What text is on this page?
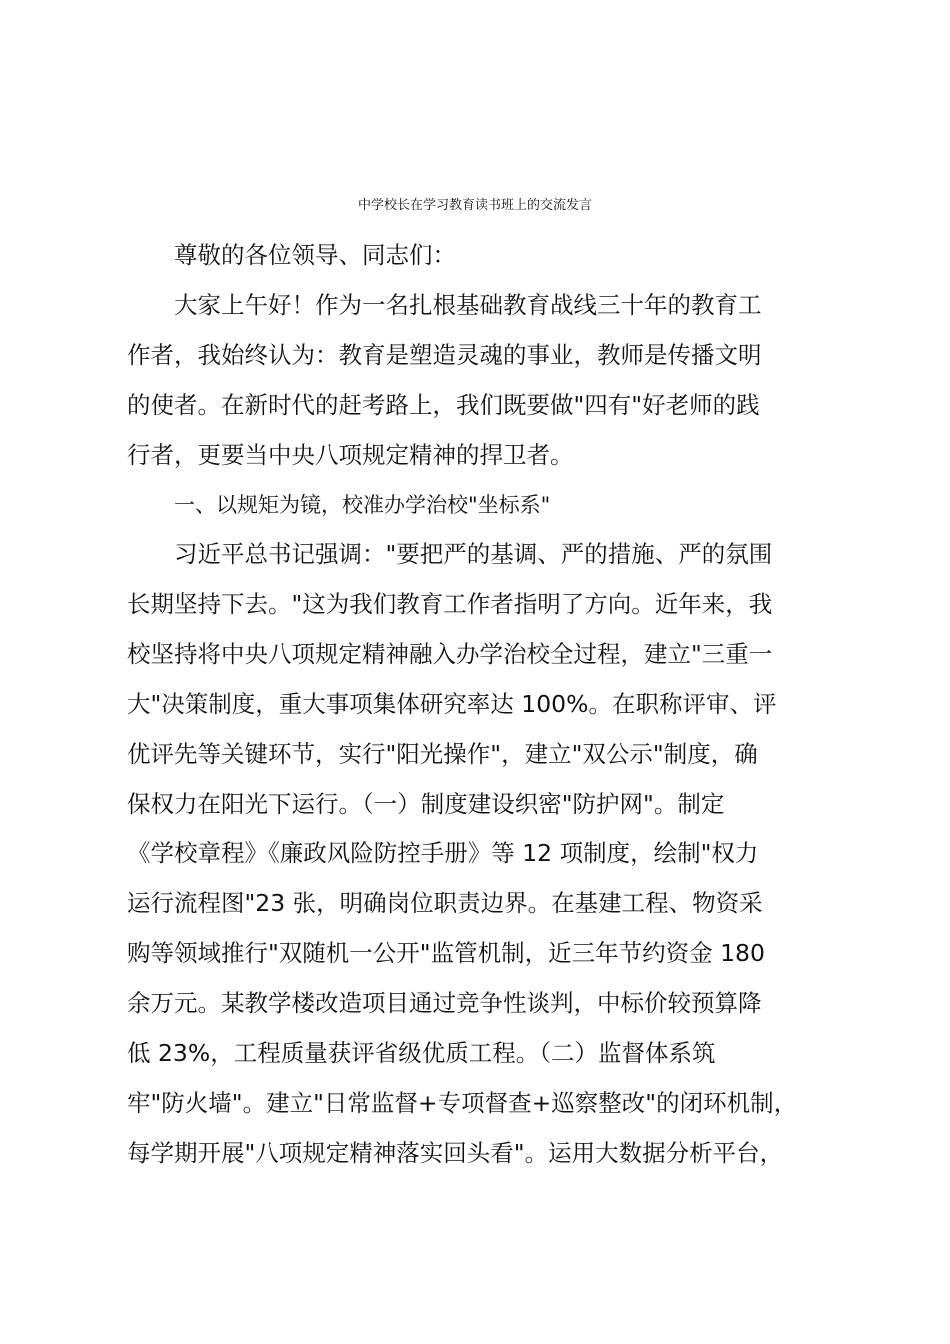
中学校长在学习教育读书班上的交流发言

尊敬的各位领导、同志们：

大家上午好！作为一名扎根基础教育战线三十年的教育工

作者，我始终认为：教育是塑造灵魂的事业，教师是传播文明

的使者。在新时代的赶考路上，我们既要做"四有"好老师的践

行者，更要当中央八项规定精神的捍卫者。

一、以规矩为镜，校准办学治校"坐标系"

习近平总书记强调："要把严的基调、严的措施、严的氛围

长期坚持下去。"这为我们教育工作者指明了方向。近年来，我

校坚持将中央八项规定精神融入办学治校全过程，建立"三重一

大"决策制度，重大事项集体研究率达 100%。在职称评审、评

优评先等关键环节，实行"阳光操作"，建立"双公示"制度，确

保权力在阳光下运行。（一）制度建设织密"防护网"。制定

《学校章程》《廉政风险防控手册》等 12 项制度，绘制"权力

运行流程图"23 张，明确岗位职责边界。在基建工程、物资采

购等领域推行"双随机一公开"监管机制，近三年节约资金 180

余万元。某教学楼改造项目通过竞争性谈判，中标价较预算降

低 23%，工程质量获评省级优质工程。（二）监督体系筑

牢"防火墙"。建立"日常监督+专项督查+巡察整改"的闭环机制，

每学期开展"八项规定精神落实回头看"。运用大数据分析平台，
